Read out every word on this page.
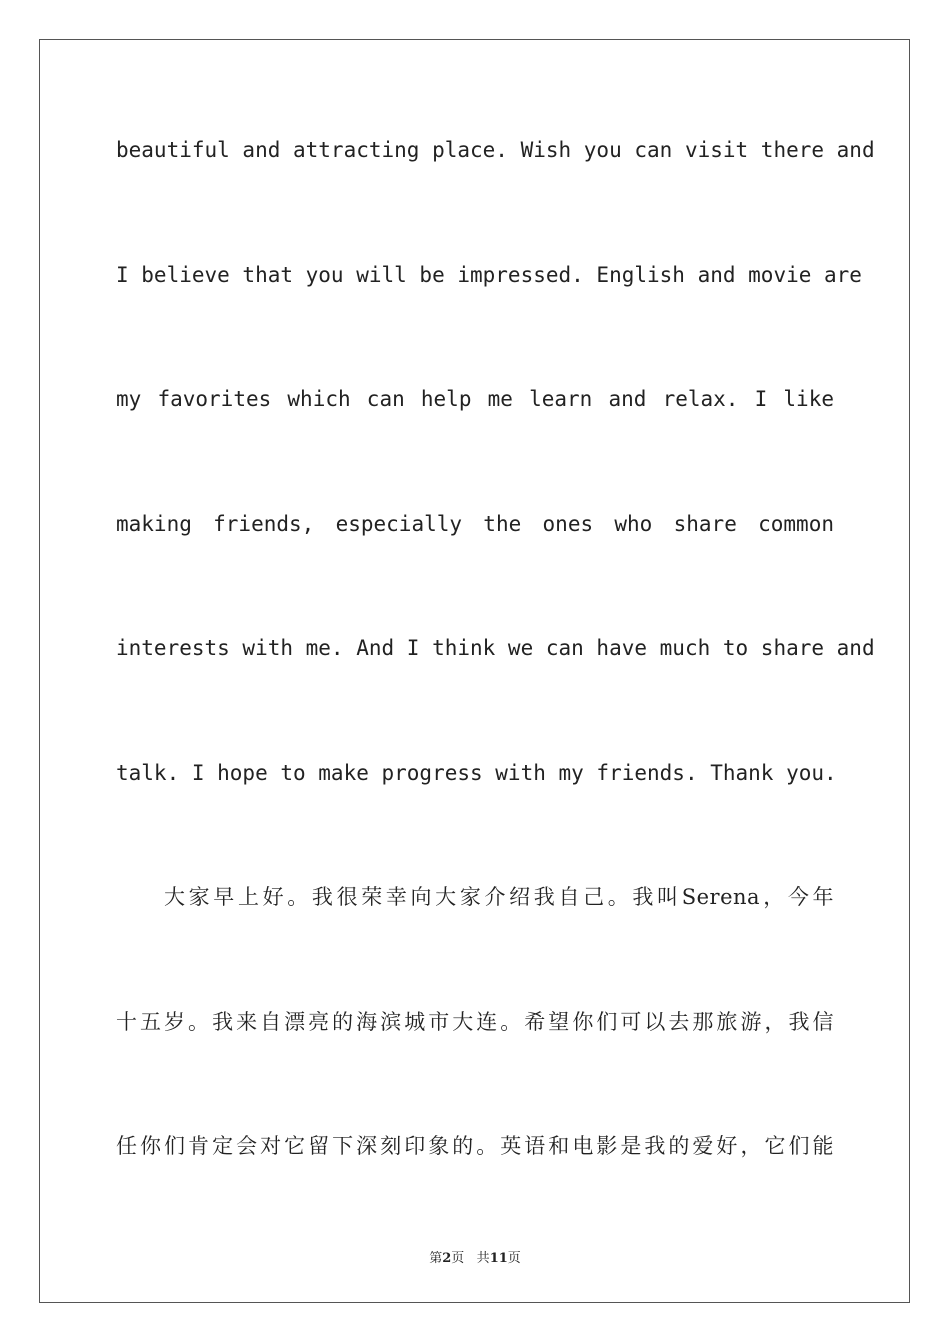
beautiful and attracting place. Wish you can visit there and
I believe that you will be impressed. English and movie are
my favorites which can help me learn and relax. I like
making friends, especially the ones who share common
interests with me. And I think we can have much to share and
talk. I hope to make progress with my friends. Thank you.
大家早上好。我很荣幸向大家介绍我自己。我叫Serena，今年
十五岁。我来自漂亮的海滨城市大连。希望你们可以去那旅游，我信
任你们肯定会对它留下深刻印象的。英语和电影是我的爱好，它们能
第2页 共11页
